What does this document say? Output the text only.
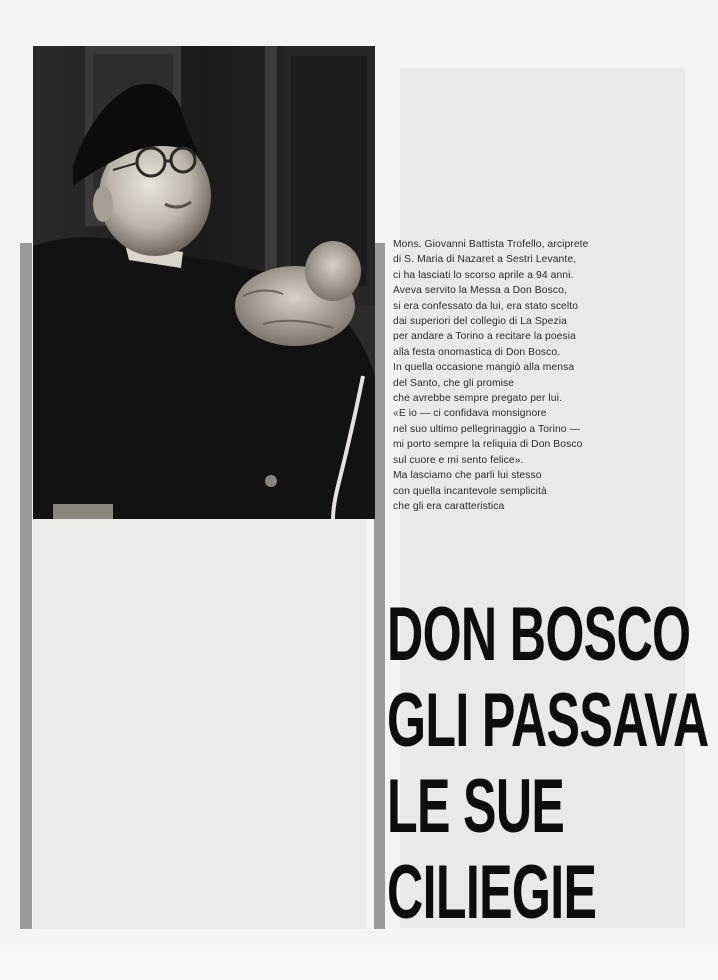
Mons. Giovanni Battista Trofello, arciprete
di S. Maria di Nazaret a Sestri Levante,
ci ha lasciati lo scorso aprile a 94 anni.
Aveva servito la Messa a Don Bosco,
si era confessato da lui, era stato scelto
dai superiori del collegio di La Spezia
per andare a Torino a recitare la poesia
alla festa onomastica di Don Bosco.
In quella occasione mangiò alla mensa
del Santo, che gli promise
che avrebbe sempre pregato per lui.
«E io — ci confidava monsignore
nel suo ultimo pellegrinaggio a Torino —
mi porto sempre la reliquia di Don Bosco
sul cuore e mi sento felice».
Ma lasciamo che parli lui stesso
con quella incantevole semplicità
che gli era caratteristica
DON BOSCO
GLI PASSAVA
LE SUE
CILIEGIE
